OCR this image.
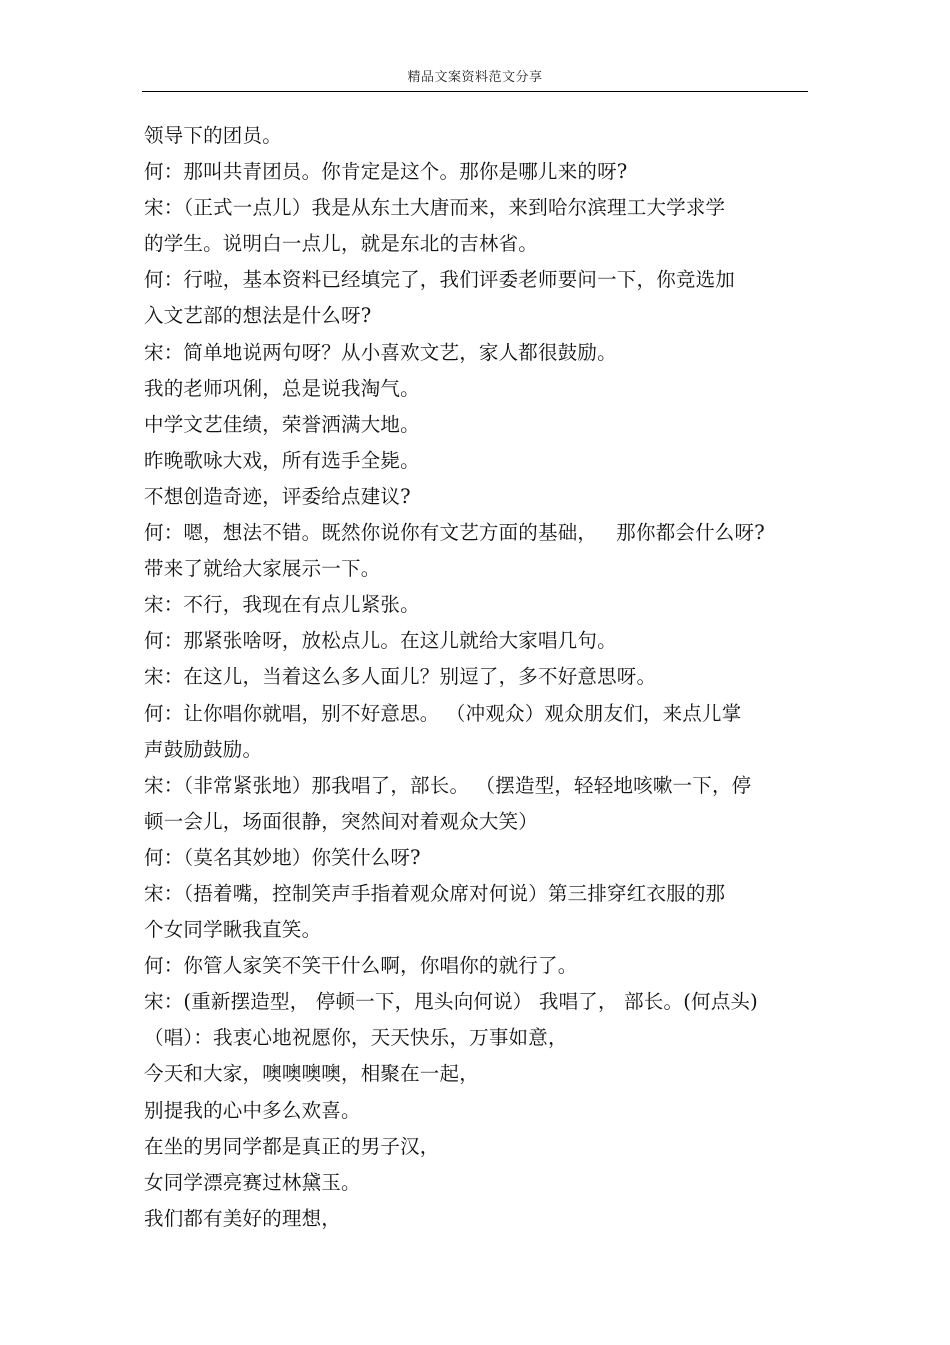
精品文案资料范文分享
领导下的团员。
何：那叫共青团员。你肯定是这个。那你是哪儿来的呀?
宋：（正式一点儿）我是从东土大唐而来，来到哈尔滨理工大学求学
的学生。说明白一点儿，就是东北的吉林省。
何：行啦，基本资料已经填完了，我们评委老师要问一下，你竞选加
入文艺部的想法是什么呀?
宋：简单地说两句呀？从小喜欢文艺，家人都很鼓励。
我的老师巩俐，总是说我淘气。
中学文艺佳绩，荣誉洒满大地。
昨晚歌咏大戏，所有选手全毙。
不想创造奇迹，评委给点建议?
何：嗯，想法不错。既然你说你有文艺方面的基础，   那你都会什么呀?
带来了就给大家展示一下。
宋：不行，我现在有点儿紧张。
何：那紧张啥呀，放松点儿。在这儿就给大家唱几句。
宋：在这儿，当着这么多人面儿？别逗了，多不好意思呀。
何：让你唱你就唱，别不好意思。 （冲观众）观众朋友们，来点儿掌
声鼓励鼓励。
宋：（非常紧张地）那我唱了，部长。 （摆造型，轻轻地咳嗽一下，停
顿一会儿，场面很静，突然间对着观众大笑）
何：（莫名其妙地）你笑什么呀?
宋：（捂着嘴，控制笑声手指着观众席对何说）第三排穿红衣服的那
个女同学瞅我直笑。
何：你管人家笑不笑干什么啊，你唱你的就行了。
宋：(重新摆造型， 停顿一下，甩头向何说） 我唱了， 部长。(何点头)
（唱）：我衷心地祝愿你，天天快乐，万事如意，
今天和大家，噢噢噢噢，相聚在一起，
别提我的心中多么欢喜。
在坐的男同学都是真正的男子汉，
女同学漂亮赛过林黛玉。
我们都有美好的理想，
